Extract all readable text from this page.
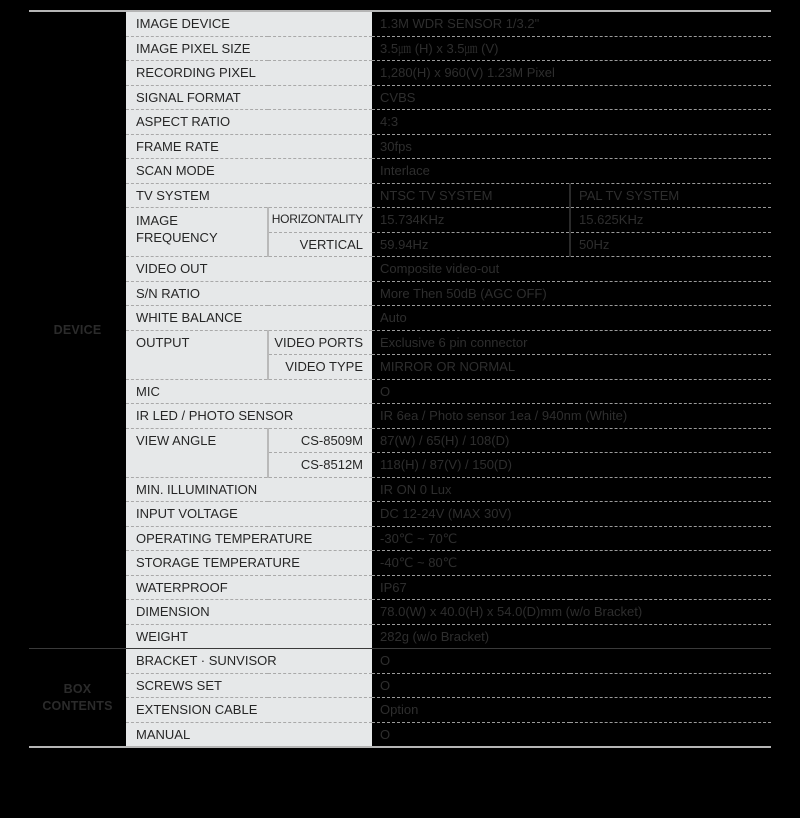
DEVICE	IMAGE DEVICE		1.3M WDR SENSOR 1/3.2"	
	IMAGE PIXEL SIZE		3.5㎛ (H) x 3.5㎛ (V)	
	RECORDING PIXEL		1,280(H) x 960(V) 1.23M Pixel	
	SIGNAL FORMAT		CVBS	
	ASPECT RATIO		4:3	
	FRAME RATE		30fps	
	SCAN MODE		Interlace	
	TV SYSTEM		NTSC TV SYSTEM	PAL TV SYSTEM
	IMAGE
FREQUENCY	HORIZONTALITY	15.734KHz	15.625KHz
		VERTICAL	59.94Hz	50Hz
	VIDEO OUT		Composite video-out	
	S/N RATIO		More Then 50dB (AGC OFF)	
	WHITE BALANCE		Auto	
	OUTPUT	VIDEO PORTS	Exclusive 6 pin connector	
		VIDEO TYPE	MIRROR OR NORMAL	
	MIC		O	
	IR LED / PHOTO SENSOR		IR 6ea / Photo sensor 1ea / 940nm (White)	
	VIEW ANGLE	CS-8509M	87(W) / 65(H) / 108(D)	
		CS-8512M	118(H) / 87(V) / 150(D)	
	MIN. ILLUMINATION		IR ON 0 Lux	
	INPUT VOLTAGE		DC 12-24V (MAX 30V)	
	OPERATING TEMPERATURE		-30℃ ~ 70℃	
	STORAGE TEMPERATURE		-40℃ ~ 80℃	
	WATERPROOF		IP67	
	DIMENSION		78.0(W) x 40.0(H) x 54.0(D)mm (w/o Bracket)	
	WEIGHT		282g (w/o Bracket)	
BOX
CONTENTS	BRACKET · SUNVISOR		O	
	SCREWS SET		O	
	EXTENSION CABLE		Option	
	MANUAL		O	
